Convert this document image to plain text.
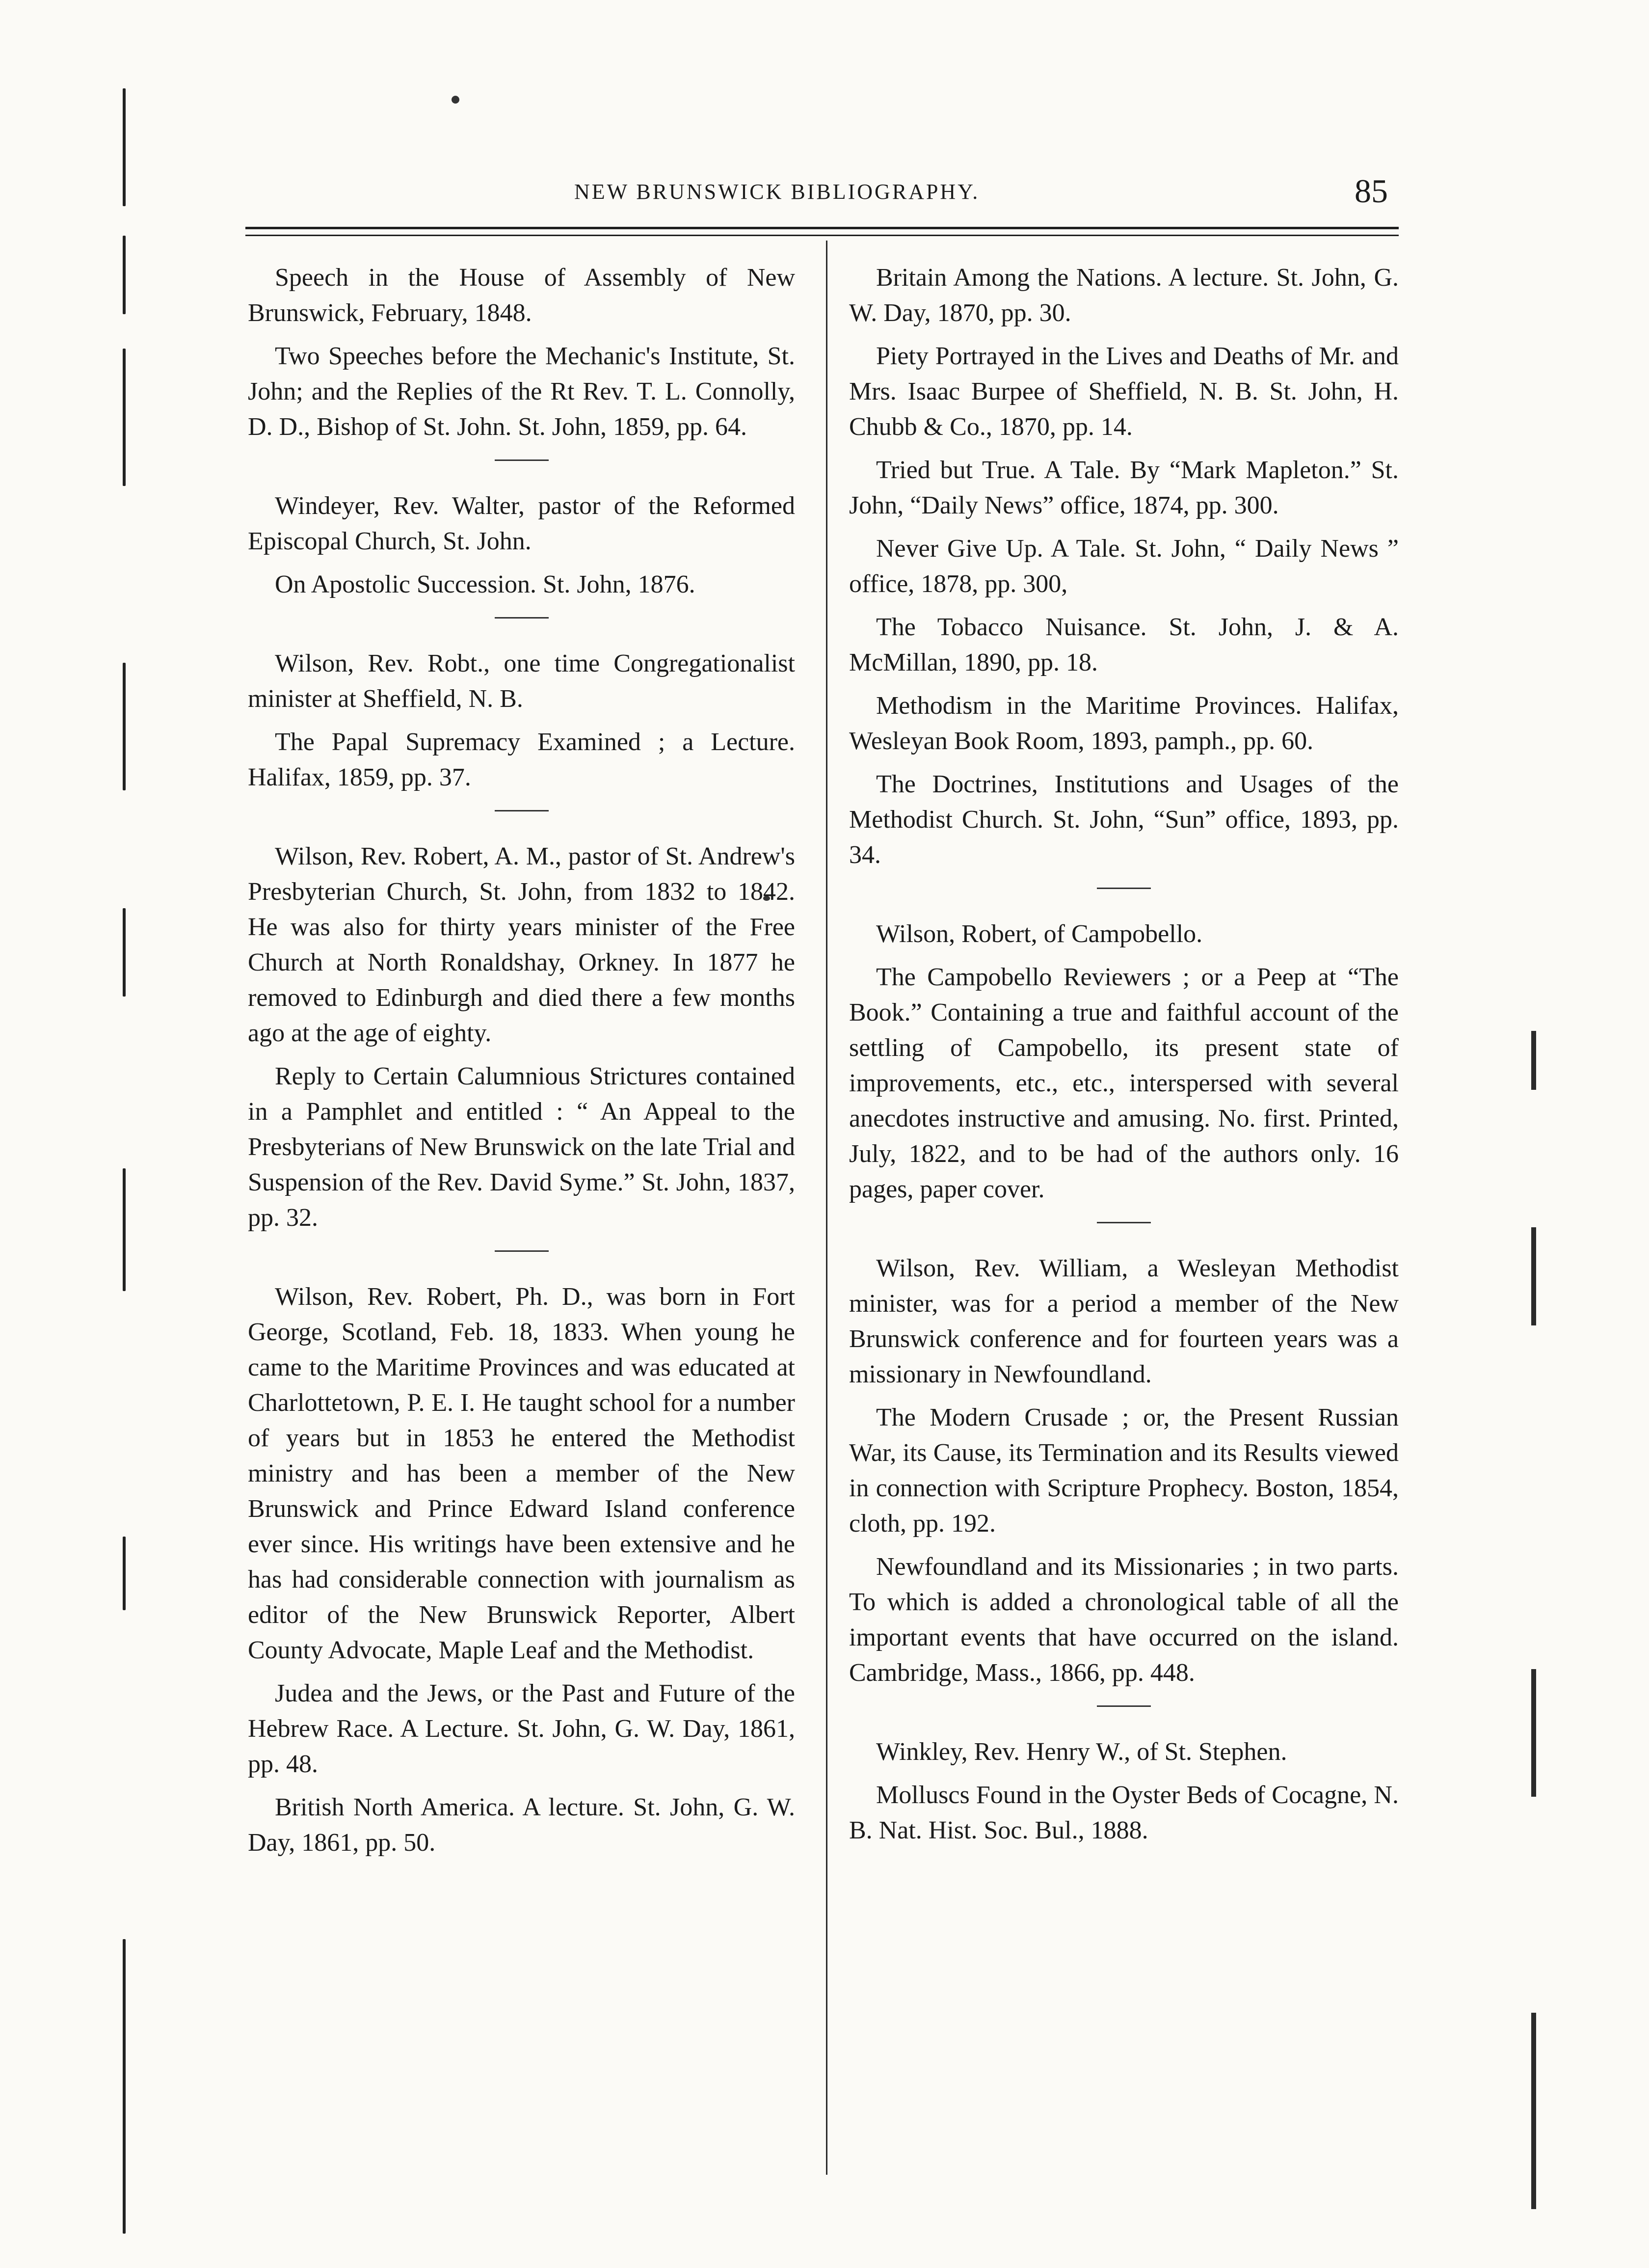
NEW BRUNSWICK BIBLIOGRAPHY.	85

Speech in the House of Assembly of New Brunswick, February, 1848.

Two Speeches before the Mechanic's Institute, St. John; and the Replies of the Rt Rev. T. L. Connolly, D. D., Bishop of St. John. St. John, 1859, pp. 64.

Windeyer, Rev. Walter, pastor of the Reformed Episcopal Church, St. John.

On Apostolic Succession. St. John, 1876.

Wilson, Rev. Robt., one time Congregationalist minister at Sheffield, N. B.

The Papal Supremacy Examined ; a Lecture. Halifax, 1859, pp. 37.

Wilson, Rev. Robert, A. M., pastor of St. Andrew's Presbyterian Church, St. John, from 1832 to 1842. He was also for thirty years minister of the Free Church at North Ronaldshay, Orkney. In 1877 he removed to Edinburgh and died there a few months ago at the age of eighty.

Reply to Certain Calumnious Strictures contained in a Pamphlet and entitled : “ An Appeal to the Presbyterians of New Brunswick on the late Trial and Suspension of the Rev. David Syme.” St. John, 1837, pp. 32.

Wilson, Rev. Robert, Ph. D., was born in Fort George, Scotland, Feb. 18, 1833. When young he came to the Maritime Provinces and was educated at Charlottetown, P. E. I. He taught school for a number of years but in 1853 he entered the Methodist ministry and has been a member of the New Brunswick and Prince Edward Island conference ever since. His writings have been extensive and he has had considerable connection with journalism as editor of the New Brunswick Reporter, Albert County Advocate, Maple Leaf and the Methodist.

Judea and the Jews, or the Past and Future of the Hebrew Race. A Lecture. St. John, G. W. Day, 1861, pp. 48.

British North America. A lecture. St. John, G. W. Day, 1861, pp. 50.

Britain Among the Nations. A lecture. St. John, G. W. Day, 1870, pp. 30.

Piety Portrayed in the Lives and Deaths of Mr. and Mrs. Isaac Burpee of Sheffield, N. B. St. John, H. Chubb & Co., 1870, pp. 14.

Tried but True. A Tale. By “Mark Mapleton.” St. John, “Daily News” office, 1874, pp. 300.

Never Give Up. A Tale. St. John, “ Daily News ” office, 1878, pp. 300,

The Tobacco Nuisance. St. John, J. & A. McMillan, 1890, pp. 18.

Methodism in the Maritime Provinces. Halifax, Wesleyan Book Room, 1893, pamph., pp. 60.

The Doctrines, Institutions and Usages of the Methodist Church. St. John, “Sun” office, 1893, pp. 34.

Wilson, Robert, of Campobello.

The Campobello Reviewers ; or a Peep at “The Book.” Containing a true and faithful account of the settling of Campobello, its present state of improvements, etc., etc., interspersed with several anecdotes instructive and amusing. No. first. Printed, July, 1822, and to be had of the authors only. 16 pages, paper cover.

Wilson, Rev. William, a Wesleyan Methodist minister, was for a period a member of the New Brunswick conference and for fourteen years was a missionary in Newfoundland.

The Modern Crusade ; or, the Present Russian War, its Cause, its Termination and its Results viewed in connection with Scripture Prophecy. Boston, 1854, cloth, pp. 192.

Newfoundland and its Missionaries ; in two parts. To which is added a chronological table of all the important events that have occurred on the island. Cambridge, Mass., 1866, pp. 448.

Winkley, Rev. Henry W., of St. Stephen.

Molluscs Found in the Oyster Beds of Cocagne, N. B. Nat. Hist. Soc. Bul., 1888.
